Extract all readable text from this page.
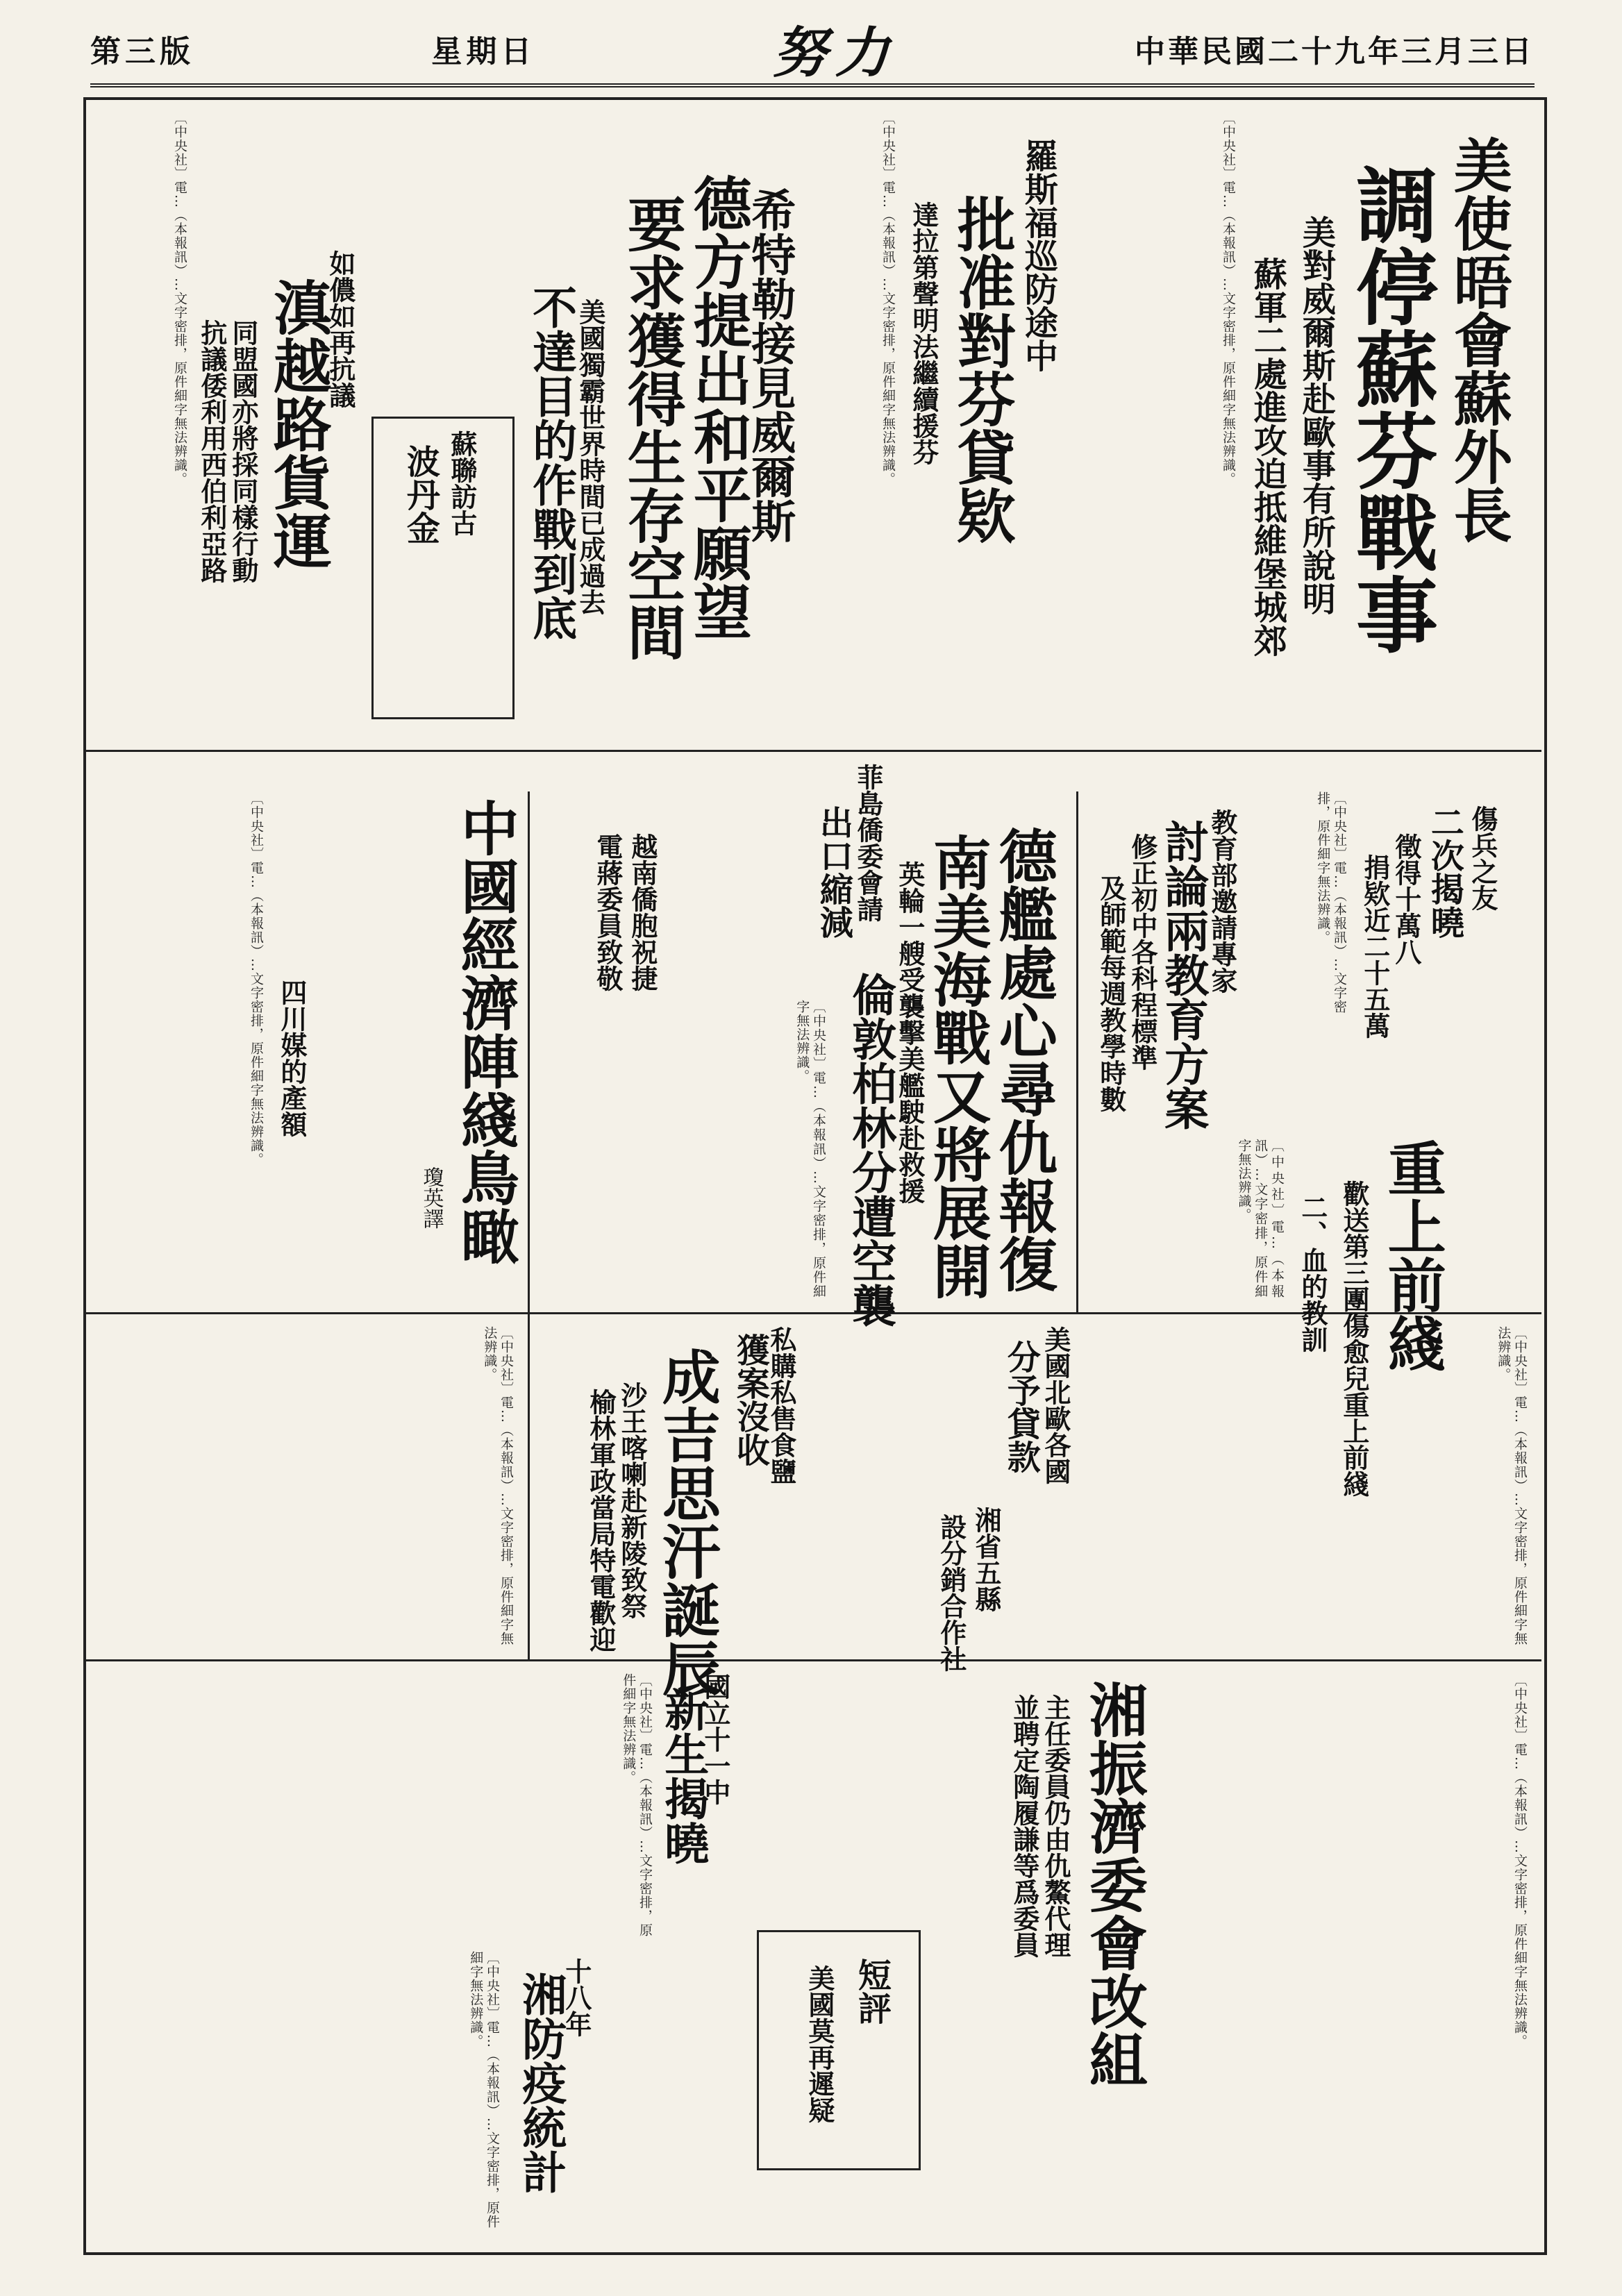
第三版	星期日	努力	中華民國二十九年三月三日
美使晤會蘇外長
調停蘇芬戰事
美對威爾斯赴歐事有所說明
蘇軍二處進攻迫抵維堡城郊
〔中央社〕電…（本報訊）…文字密排，原件細字無法辨識。
羅斯福巡防途中
批准對芬貸欵
達拉第聲明法繼續援芬
〔中央社〕電…（本報訊）…文字密排，原件細字無法辨識。
希特勒接見威爾斯
德方提出和平願望
要求獲得生存空間
美國獨霸世界時間已成過去
不達目的作戰到底
如儂如再抗議
滇越路貨運
同盟國亦將採同樣行動
抗議倭利用西伯利亞路
〔中央社〕電…（本報訊）…文字密排，原件細字無法辨識。
波丹金 蘇聯訪古
菲島僑委會請
出口縮減
越南僑胞祝捷
電蔣委員致敬
中國經濟陣綫鳥瞰
瓊英譯
四川媒的產額
〔中央社〕電…（本報訊）…文字密排，原件細字無法辨識。	德艦處心尋仇報復
南美海戰又將展開
英輪一艘受襲擊美艦駛赴救援
倫敦柏林分遭空襲
〔中央社〕電…（本報訊）…文字密排，原件細字無法辨識。
教育部邀請專家
討論兩教育方案
修正初中各科程標準
及師範每週教學時數
傷兵之友
二次揭曉
徵得十萬八
捐欵近二十五萬
〔中央社〕電…（本報訊）…文字密排，原件細字無法辨識。
重上前綫
歡送第三團傷愈兒重上前綫
二、血的教訓
〔中央社〕電…（本報訊）…文字密排，原件細字無法辨識。
〔中央社〕電…（本報訊）…文字密排，原件細字無法辨識。
美國北歐各國
分予貸款
私購私售食鹽
獲案沒收
成吉思汗誕辰
沙王喀喇赴新陵致祭
榆林軍政當局特電歡迎	湘省五縣
設分銷合作社
〔中央社〕電…（本報訊）…文字密排，原件細字無法辨識。
湘振濟委會改組
主任委員仍由仇鰲代理
並聘定陶履謙等爲委員	〔中央社〕電…（本報訊）…文字密排，原件細字無法辨識。
國立十一中
新生揭曉
短評
美國莫再遲疑
十八年
湘防疫統計
〔中央社〕電…（本報訊）…文字密排，原件細字無法辨識。
〔中央社〕電…（本報訊）…文字密排，原件細字無法辨識。
